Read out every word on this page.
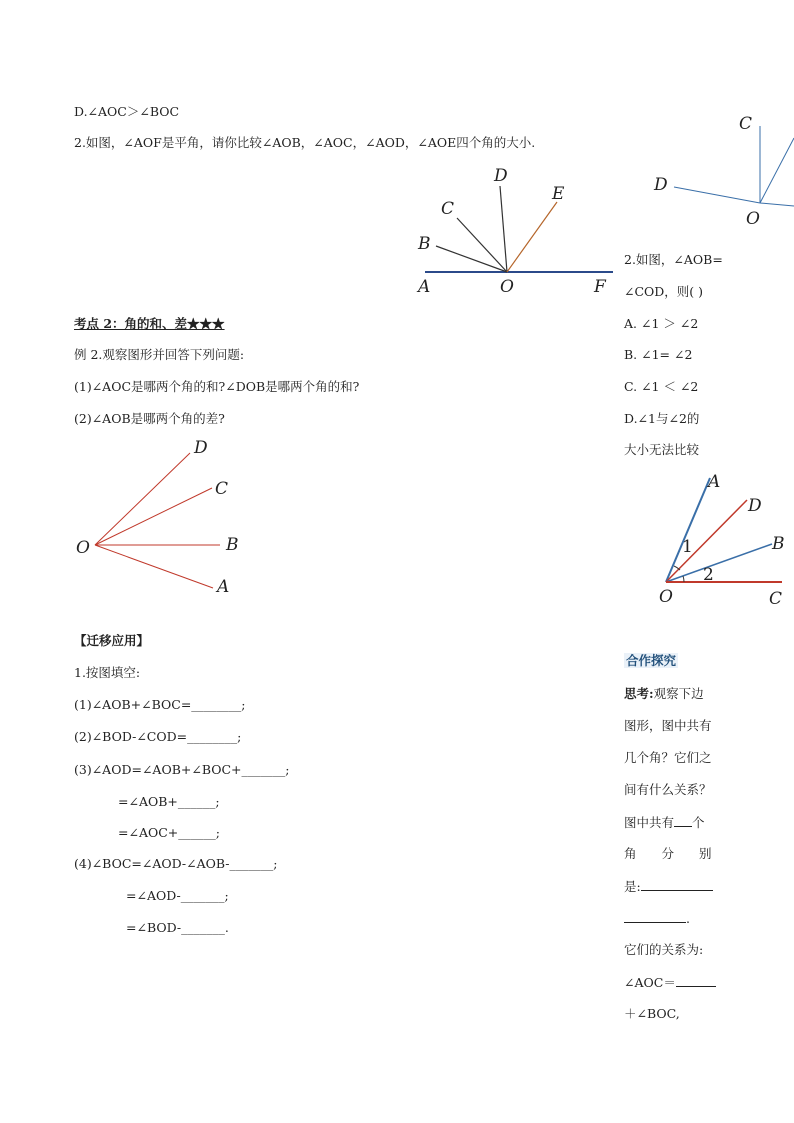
D.∠AOC＞∠BOC
2.如图，∠AOF是平角，请你比较∠AOB，∠AOC，∠AOD，∠AOE四个角的大小.
考点 2：角的和、差★★★
例 2.观察图形并回答下列问题:
(1)∠AOC是哪两个角的和?∠DOB是哪两个角的和?
(2)∠AOB是哪两个角的差?
【迁移应用】
1.按图填空:
(1)∠AOB+∠BOC=________;
(2)∠BOD-∠COD=________;
(3)∠AOD=∠AOB+∠BOC+_______;
=∠AOB+______;
=∠AOC+______;
(4)∠BOC=∠AOD-∠AOB-_______;
=∠AOD-_______;
=∠BOD-_______.
A	O	F
B
C
D
E
O
D
C
B
A
C
D
O
2.如图，∠AOB=
∠COD，则( )
A. ∠1 ＞ ∠2
B. ∠1= ∠2
C. ∠1 ＜ ∠2
D.∠1与∠2的
大小无法比较
A
D
B
O	C
1
2
合作探究
思考:观察下边
图形，图中共有
几个角？它们之
间有什么关系？
图中共有 个
角　　分　　别
是:
.
它们的关系为:
∠AOC＝
＋∠BOC,
